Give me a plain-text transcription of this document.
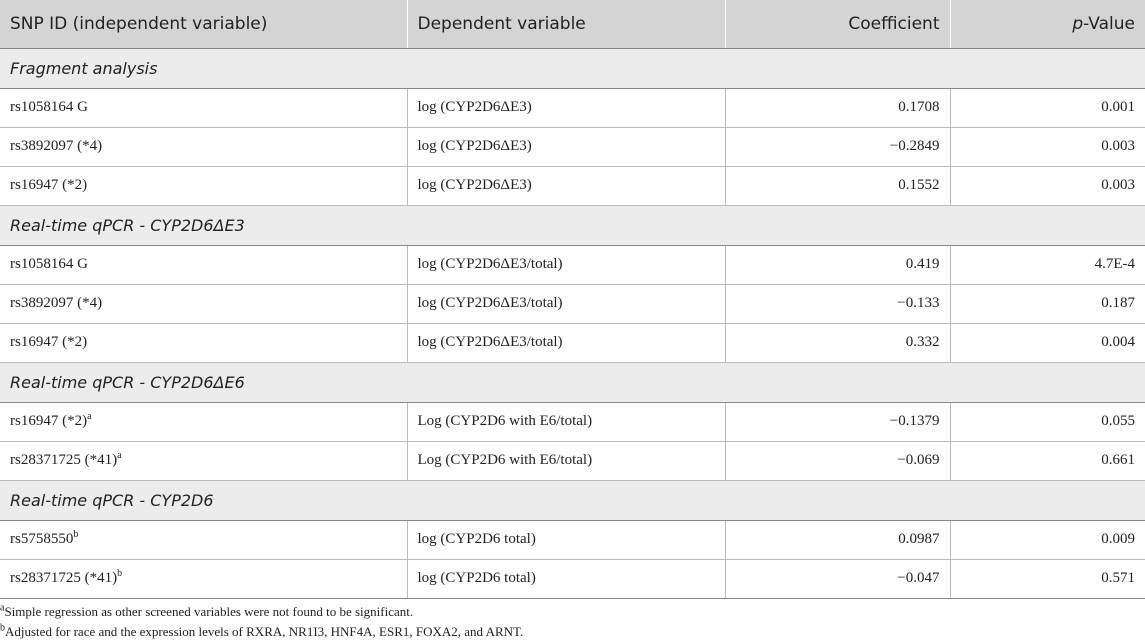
SNP ID (independent variable)	Dependent variable	Coefficient	p-Value
Fragment analysis			
rs1058164 G	log (CYP2D6ΔE3)	0.1708	0.001
rs3892097 (*4)	log (CYP2D6ΔE3)	−0.2849	0.003
rs16947 (*2)	log (CYP2D6ΔE3)	0.1552	0.003
Real-time qPCR - CYP2D6ΔE3			
rs1058164 G	log (CYP2D6ΔE3/total)	0.419	4.7E-4
rs3892097 (*4)	log (CYP2D6ΔE3/total)	−0.133	0.187
rs16947 (*2)	log (CYP2D6ΔE3/total)	0.332	0.004
Real-time qPCR - CYP2D6ΔE6			
rs16947 $(*2)^a$	Log (CYP2D6 with E6/total)	−0.1379	0.055
rs28371725 $(*41)^a$	Log (CYP2D6 with E6/total)	−0.069	0.661
Real-time qPCR - CYP2D6			
rs5758550$^b$	log (CYP2D6 total)	0.0987	0.009
rs28371725 $(*41)^b$	log (CYP2D6 total)	−0.047	0.571
$^a$Simple regression as other screened variables were not found to be significant.
$^b$Adjusted for race and the expression levels of RXRA, NR1I3, HNF4A, ESR1, FOXA2, and ARNT.
